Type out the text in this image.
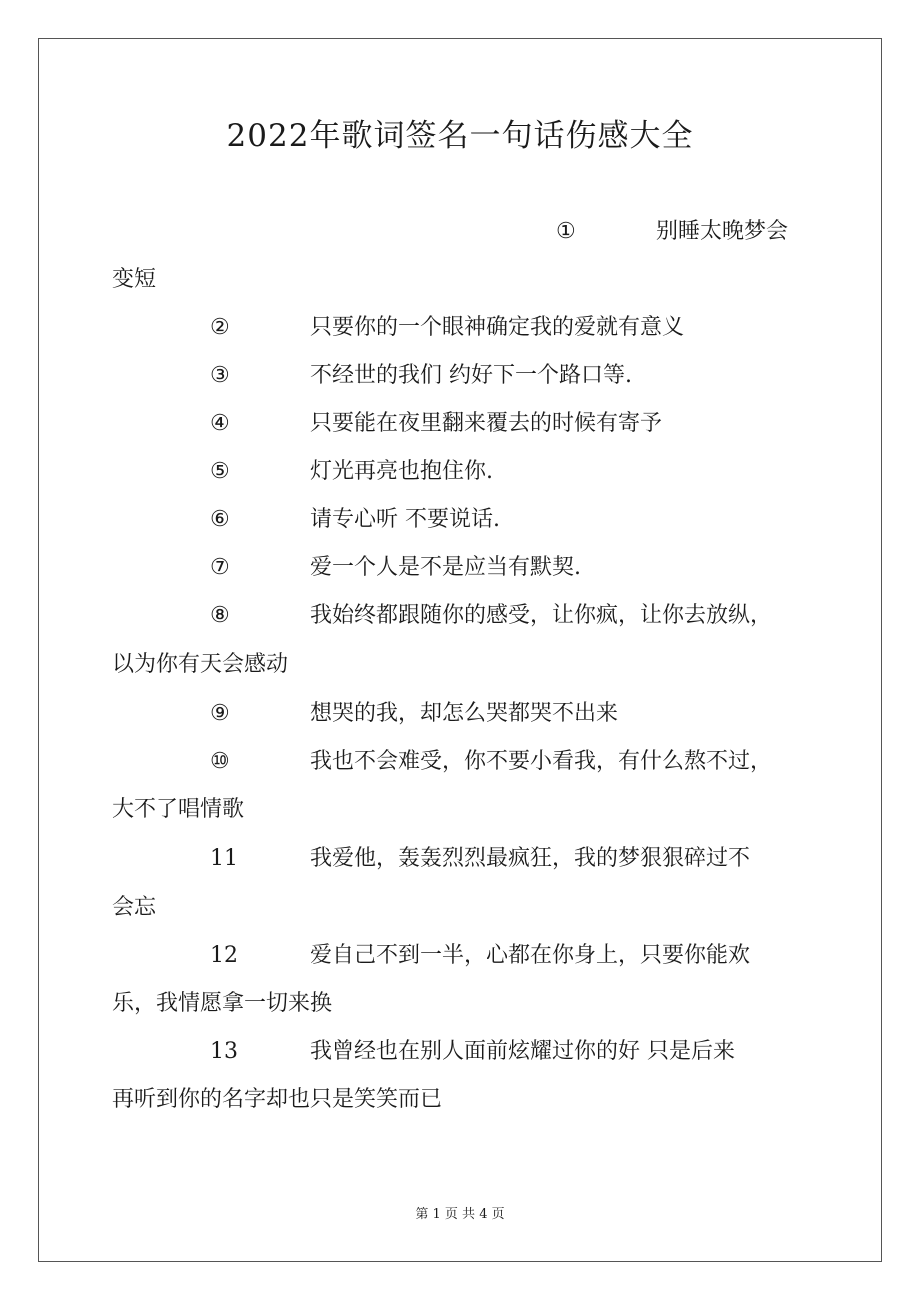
2022年歌词签名一句话伤感大全
①	别睡太晚梦会
变短
②	只要你的一个眼神确定我的爱就有意义
③	不经世的我们 约好下一个路口等.
④	只要能在夜里翻来覆去的时候有寄予
⑤	灯光再亮也抱住你.
⑥	请专心听 不要说话.
⑦	爱一个人是不是应当有默契.
⑧	我始终都跟随你的感受，让你疯，让你去放纵，
以为你有天会感动
⑨	想哭的我，却怎么哭都哭不出来
⑩	我也不会难受，你不要小看我，有什么熬不过，
大不了唱情歌
11	我爱他，轰轰烈烈最疯狂，我的梦狠狠碎过不
会忘
12	爱自己不到一半，心都在你身上，只要你能欢
乐，我情愿拿一切来换
13	我曾经也在别人面前炫耀过你的好 只是后来
再听到你的名字却也只是笑笑而已
第 1 页 共 4 页
